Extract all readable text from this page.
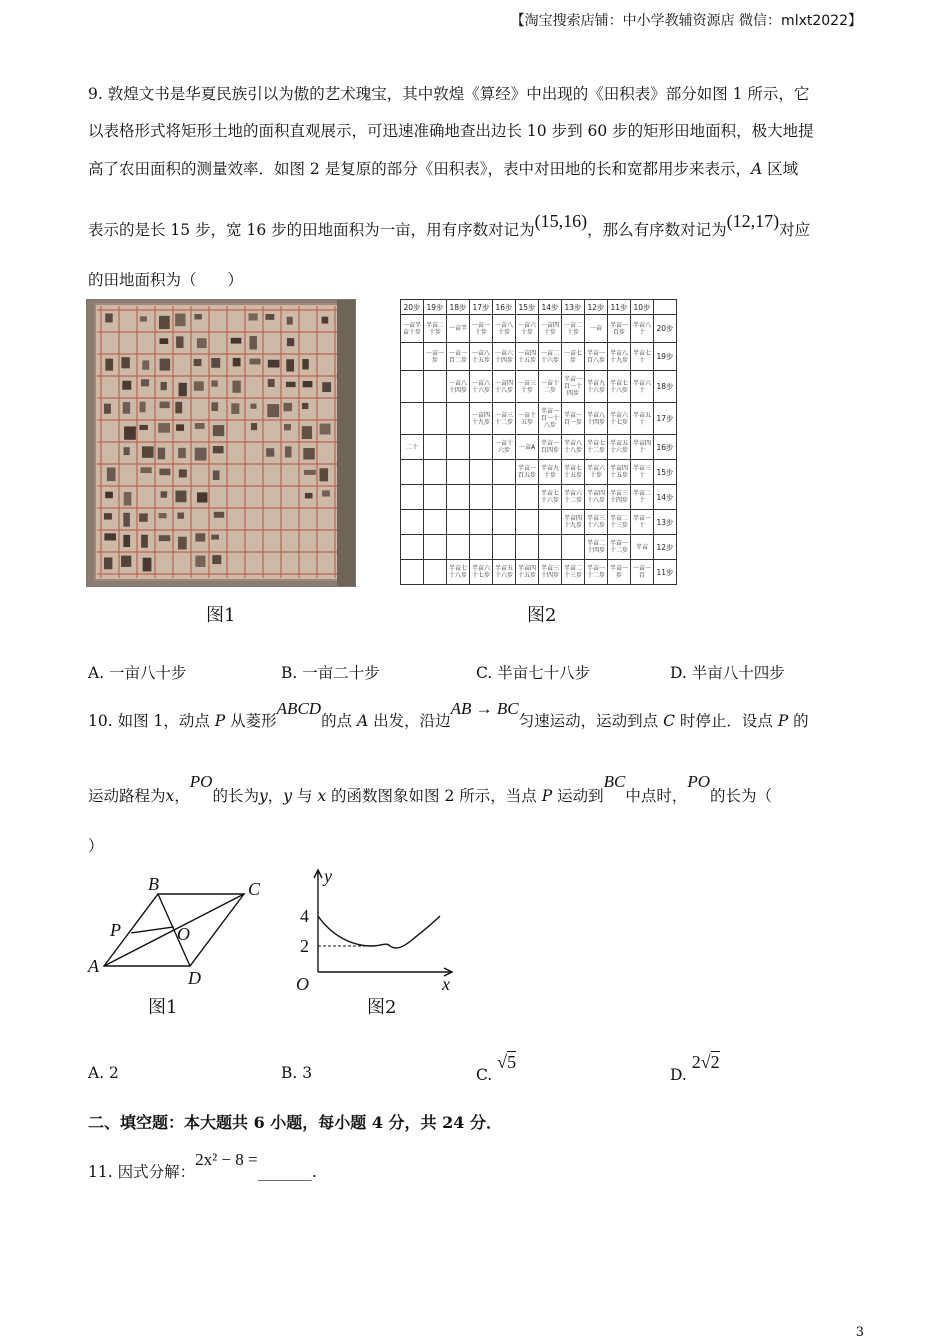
【淘宝搜索店铺：中小学教辅资源店 微信：mlxt2022】
9. 敦煌文书是华夏民族引以为傲的艺术瑰宝，其中敦煌《算经》中出现的《田积表》部分如图 1 所示，它
以表格形式将矩形土地的面积直观展示，可迅速准确地查出边长 10 步到 60 步的矩形田地面积，极大地提
高了农田面积的测量效率．如图 2 是复原的部分《田积表》，表中对田地的长和宽都用步来表示，A 区域
表示的是长 15 步，宽 16 步的田地面积为一亩，用有序数对记为(15,16)，那么有序数对记为(12,17)对应
的田地面积为（　　）
图1
20步	19步	18步	17步	16步	15步	14步	13步	12步	11步	10步	
一亩半亩十步	半亩二十步	一亩半	一亩一十步	一亩八十步	一亩六十步	一亩四十步	一亩二十步	一亩	半亩一百步	半亩八十	20步
	一亩一步	一亩一百二步	一亩八十五步	一亩六十四步	一亩四十五步	一亩二十六步	一亩七步	半亩一百八步	半亩八十九步	半亩七十	19步
		一亩八十四步	一亩六十六步	一亩四十八步	一亩三十步	一亩十二步	半亩一百一十四步	半亩九十六步	半亩七十八步	半亩六十	18步
			一亩四十九步	一亩三十二步	一亩十五步	半亩一百一十八步	半亩一百一步	半亩八十四步	半亩六十七步	半亩五十	17步
二十				一亩十六步	一亩A	半亩一百四步	半亩八十八步	半亩七十二步	半亩五十六步	半亩四十	16步
					半亩一百五步	半亩九十步	半亩七十五步	半亩六十步	半亩四十五步	半亩三十	15步
						半亩七十六步	半亩六十二步	半亩四十八步	半亩三十四步	半亩二十	14步
							半亩四十九步	半亩三十六步	半亩二十三步	半亩一十	13步
								半亩二十四步	半亩一十二步	半亩	12步
		半亩七十八步	半亩六十七步	半亩五十六步	半亩四十五步	半亩三十四步	半亩二十三步	半亩一十二步	半亩一步	一亩一百	11步
图2
A. 一亩八十步	B. 一亩二十步	C. 半亩七十八步	D. 半亩八十四步
10. 如图 1，动点 P 从菱形ABCD的点 A 出发，沿边AB → BC匀速运动，运动到点 C 时停止．设点 P 的
运动路程为x，PO的长为y，y 与 x 的函数图象如图 2 所示，当点 P 运动到BC中点时，PO的长为（
）
A
B	C
D
P	O
图1
y
x
O
4
2
图2
A. 2	B. 3	C. √5
D. 2√2
二、填空题：本大题共 6 小题，每小题 4 分，共 24 分．
11. 因式分解：2x² − 8 =_______.
3
